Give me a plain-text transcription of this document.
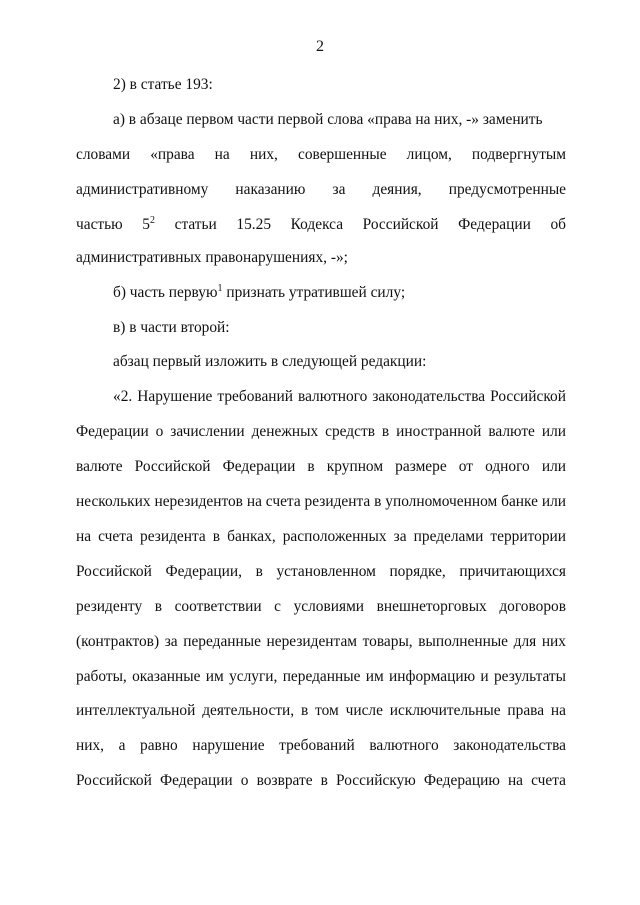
2
2) в статье 193:
а) в абзаце первом части первой слова «права на них, -» заменить
словами «права на них, совершенные лицом, подвергнутым
административному наказанию за деяния, предусмотренные
частью $5^2$ статьи 15.25 Кодекса Российской Федерации об
административных правонарушениях, -»;
б) часть первую$^1$ признать утратившей силу;
в) в части второй:
абзац первый изложить в следующей редакции:
«2. Нарушение требований валютного законодательства Российской
Федерации о зачислении денежных средств в иностранной валюте или
валюте Российской Федерации в крупном размере от одного или
нескольких нерезидентов на счета резидента в уполномоченном банке или
на счета резидента в банках, расположенных за пределами территории
Российской Федерации, в установленном порядке, причитающихся
резиденту в соответствии с условиями внешнеторговых договоров
(контрактов) за переданные нерезидентам товары, выполненные для них
работы, оказанные им услуги, переданные им информацию и результаты
интеллектуальной деятельности, в том числе исключительные права на
них, а равно нарушение требований валютного законодательства
Российской Федерации о возврате в Российскую Федерацию на счета
